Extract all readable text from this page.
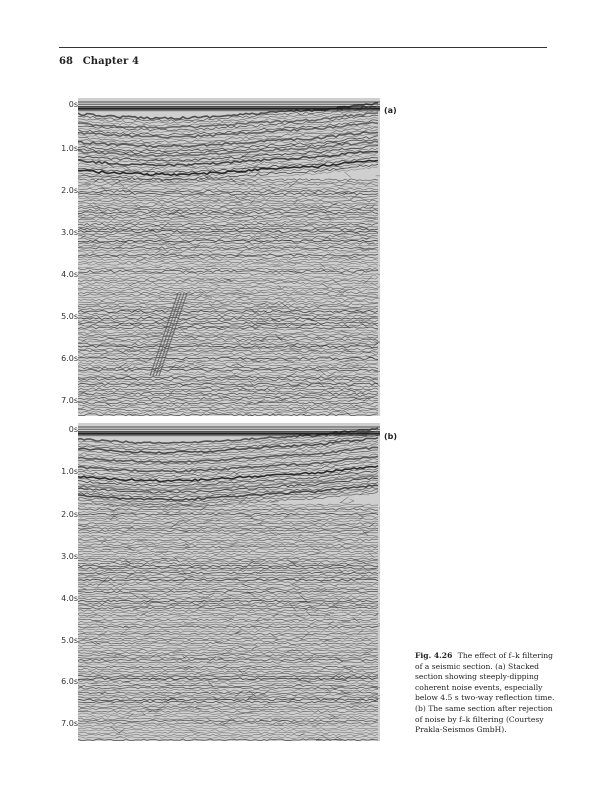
68 Chapter 4
0s
1.0s
2.0s
3.0s
4.0s
5.0s
6.0s
7.0s
(a)
0s
1.0s
2.0s
3.0s
4.0s
5.0s
6.0s
7.0s
(b)
Fig. 4.26 The effect of f–k filtering of a seismic section. (a) Stacked section showing steeply-dipping coherent noise events, especially below 4.5 s two-way reflection time. (b) The same section after rejection of noise by f–k filtering (Courtesy Prakla-Seismos GmbH).
